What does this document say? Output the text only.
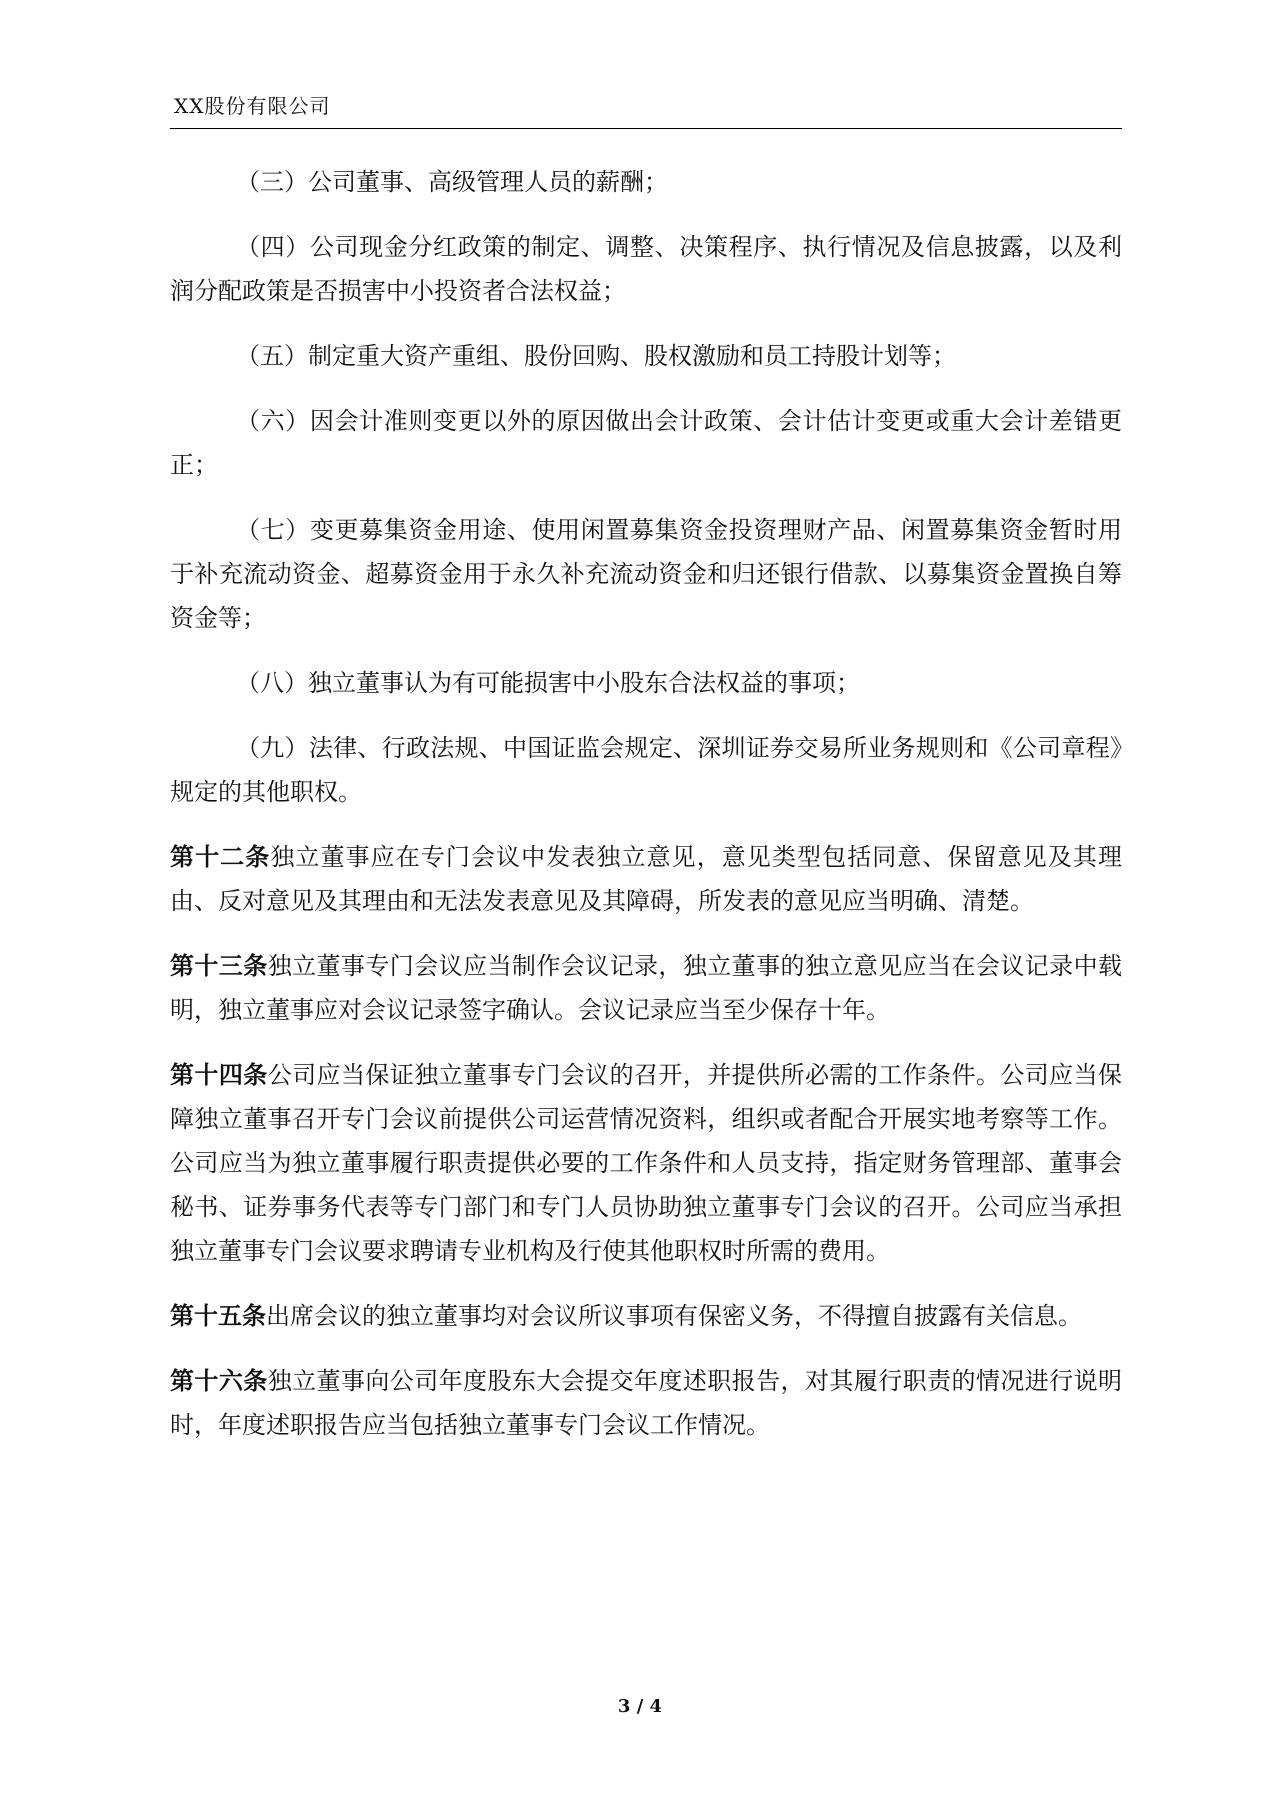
XX股份有限公司

（三）公司董事、高级管理人员的薪酬；

（四）公司现金分红政策的制定、调整、决策程序、执行情况及信息披露，以及利润分配政策是否损害中小投资者合法权益；

（五）制定重大资产重组、股份回购、股权激励和员工持股计划等；

（六）因会计准则变更以外的原因做出会计政策、会计估计变更或重大会计差错更正；

（七）变更募集资金用途、使用闲置募集资金投资理财产品、闲置募集资金暂时用于补充流动资金、超募资金用于永久补充流动资金和归还银行借款、以募集资金置换自筹资金等；

（八）独立董事认为有可能损害中小股东合法权益的事项；

（九）法律、行政法规、中国证监会规定、深圳证券交易所业务规则和《公司章程》规定的其他职权。

第十二条独立董事应在专门会议中发表独立意见，意见类型包括同意、保留意见及其理由、反对意见及其理由和无法发表意见及其障碍，所发表的意见应当明确、清楚。

第十三条独立董事专门会议应当制作会议记录，独立董事的独立意见应当在会议记录中载明，独立董事应对会议记录签字确认。会议记录应当至少保存十年。

第十四条公司应当保证独立董事专门会议的召开，并提供所必需的工作条件。公司应当保障独立董事召开专门会议前提供公司运营情况资料，组织或者配合开展实地考察等工作。公司应当为独立董事履行职责提供必要的工作条件和人员支持，指定财务管理部、董事会秘书、证券事务代表等专门部门和专门人员协助独立董事专门会议的召开。公司应当承担独立董事专门会议要求聘请专业机构及行使其他职权时所需的费用。

第十五条出席会议的独立董事均对会议所议事项有保密义务，不得擅自披露有关信息。

第十六条独立董事向公司年度股东大会提交年度述职报告，对其履行职责的情况进行说明时，年度述职报告应当包括独立董事专门会议工作情况。

3 / 4
